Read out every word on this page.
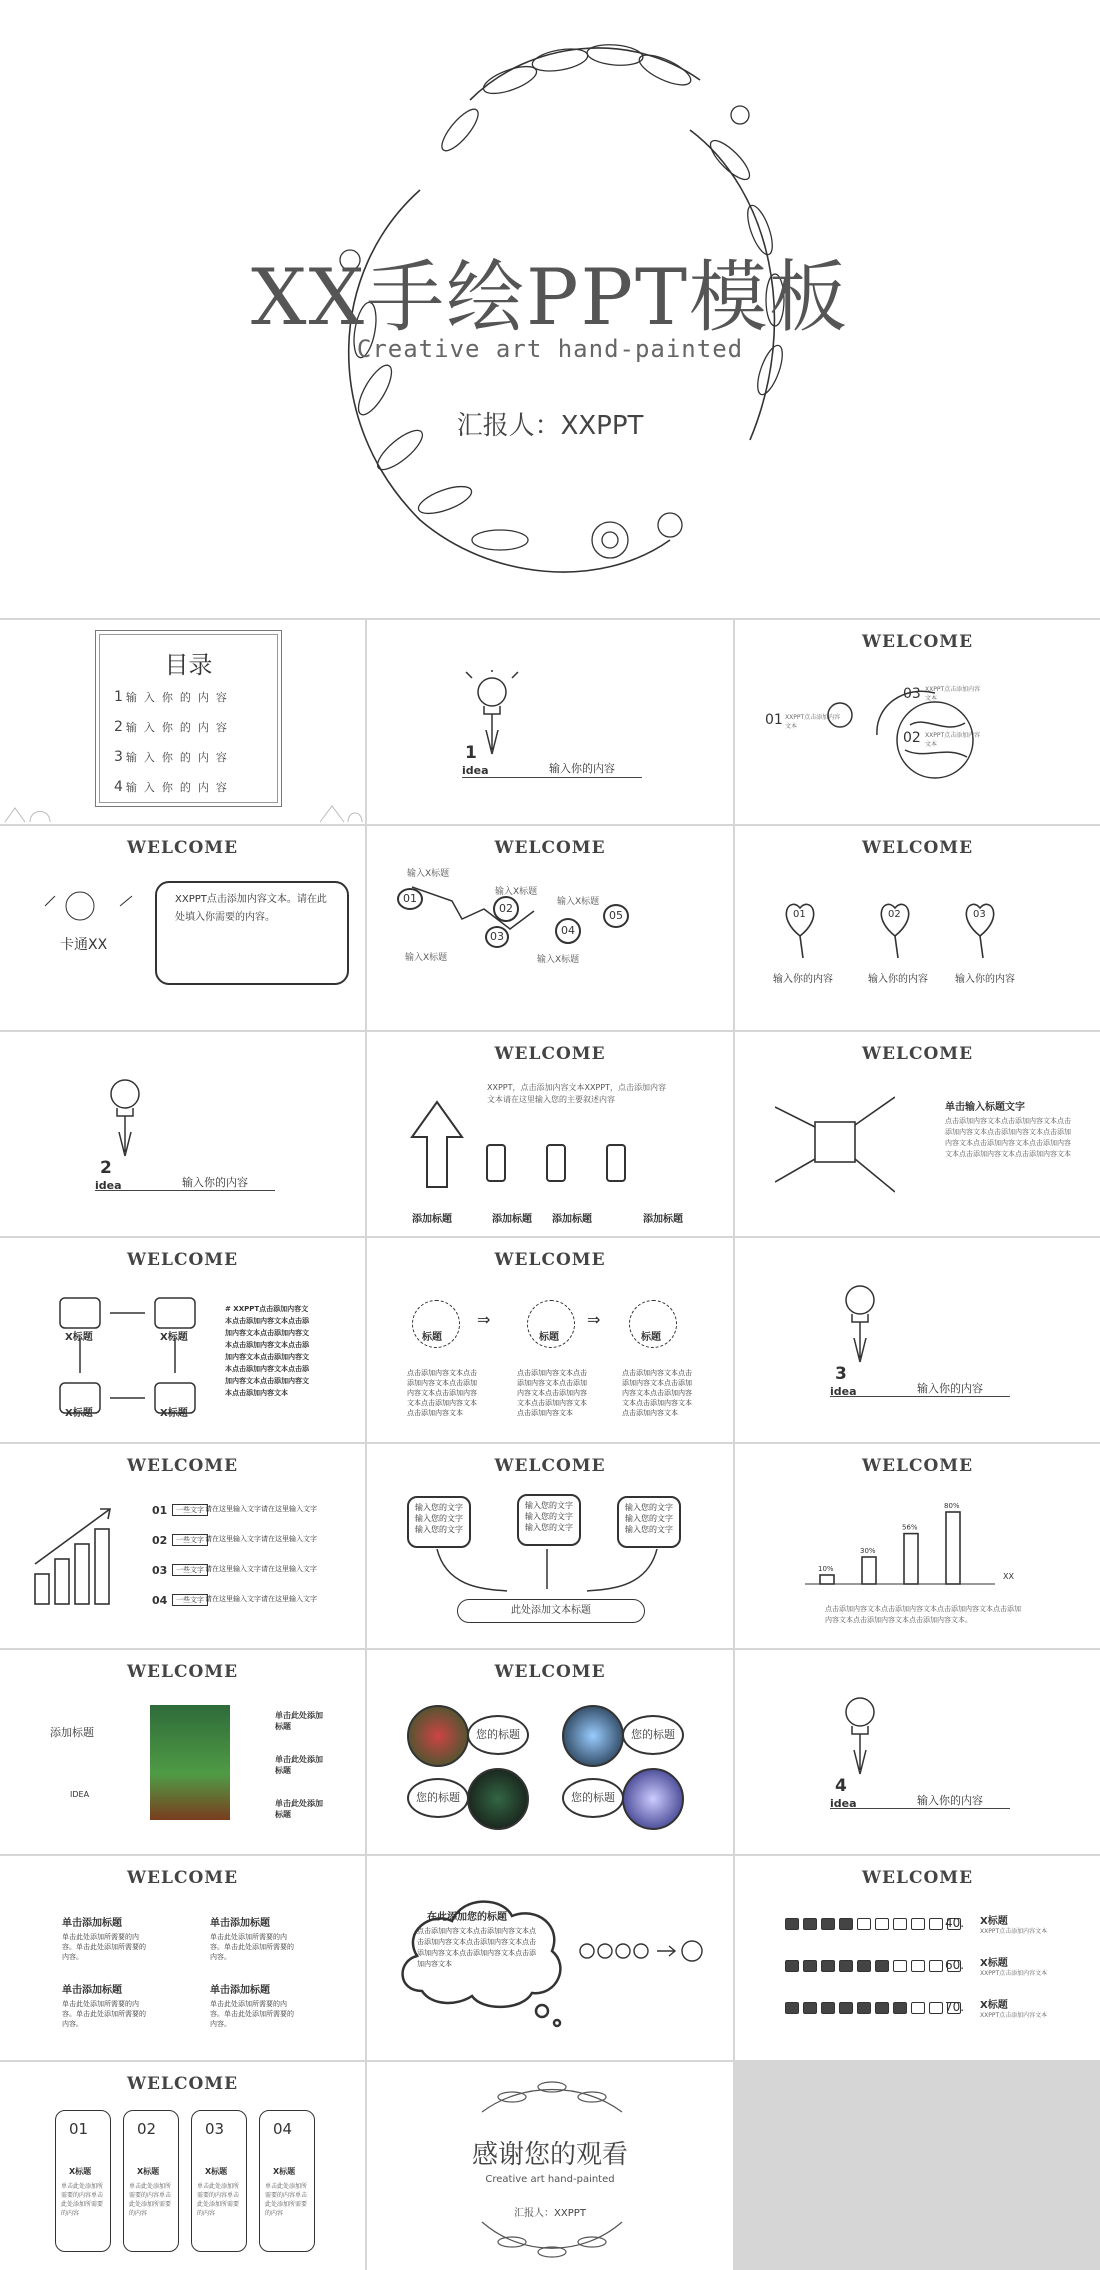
XX手绘PPT模板
Creative art hand-painted
汇报人：XXPPT
目录
1 输入你的内容
2 输入你的内容
3 输入你的内容
4 输入你的内容
1
idea	输入你的内容
WELCOME
03 XXPPT点击添加内容文本
01 XXPPT点击添加内容文本
02 XXPPT点击添加内容文本
WELCOME
卡通XX
XXPPT点击添加内容文本。请在此处填入你需要的内容。
WELCOME
01
02
03	04
05
输入X标题
输入X标题
输入X标题
输入X标题	输入X标题
WELCOME
01	02	03
输入你的内容	输入你的内容	输入你的内容
2
idea	输入你的内容
WELCOME
XXPPT，点击添加内容文本XXPPT，点击添加内容文本请在这里输入您的主要叙述内容
添加标题	添加标题 添加标题	添加标题
WELCOME
单击输入标题文字
点击添加内容文本点击添加内容文本点击添加内容文本点击添加内容文本点击添加内容文本点击添加内容文本点击添加内容文本点击添加内容文本点击添加内容文本
WELCOME
X标题	X标题
X标题	X标题
# XXPPT点击添加内容文本点击添加内容文本点击添加内容文本点击添加内容文本点击添加内容文本点击添加内容文本点击添加内容文本点击添加内容文本点击添加内容文本点击添加内容文本点击添加内容文本
WELCOME
⇒	⇒
标题	标题	标题
点击添加内容文本点击添加内容文本点击添加内容文本点击添加内容文本点击添加内容文本点击添加内容文本
点击添加内容文本点击添加内容文本点击添加内容文本点击添加内容文本点击添加内容文本点击添加内容文本
点击添加内容文本点击添加内容文本点击添加内容文本点击添加内容文本点击添加内容文本点击添加内容文本
3
idea	输入你的内容
WELCOME
01	一些文字 请在这里输入文字请在这里输入文字
02	一些文字 请在这里输入文字请在这里输入文字
03	一些文字 请在这里输入文字请在这里输入文字
04	一些文字 请在这里输入文字请在这里输入文字
WELCOME
输入您的文字
输入您的文字
输入您的文字
输入您的文字
输入您的文字
输入您的文字
输入您的文字
输入您的文字
输入您的文字
此处添加文本标题
WELCOME
10%
30%
56%
80%
XX
点击添加内容文本点击添加内容文本点击添加内容文本点击添加内容文本点击添加内容文本点击添加内容文本。
WELCOME
添加标题
IDEA
单击此处添加标题
单击此处添加标题
单击此处添加标题
WELCOME
您的标题	您的标题
您的标题	您的标题
4
idea	输入你的内容
WELCOME
单击添加标题
单击此处添加所需要的内容。单击此处添加所需要的内容。
单击添加标题
单击此处添加所需要的内容。单击此处添加所需要的内容。
单击添加标题
单击此处添加所需要的内容。单击此处添加所需要的内容。
单击添加标题
单击此处添加所需要的内容。单击此处添加所需要的内容。
在此添加您的标题
点击添加内容文本点击添加内容文本点击添加内容文本点击添加内容文本点击添加内容文本点击添加内容文本点击添加内容文本
WELCOME
40. X标题
XXPPT点击添加内容文本
60. X标题
XXPPT点击添加内容文本
70. X标题
XXPPT点击添加内容文本
WELCOME
01
X标题
单击此处添加所需要的内容单击此处添加所需要的内容
02
X标题
单击此处添加所需要的内容单击此处添加所需要的内容
03
X标题
单击此处添加所需要的内容单击此处添加所需要的内容
04
X标题
单击此处添加所需要的内容单击此处添加所需要的内容
感谢您的观看
Creative art hand-painted
汇报人：XXPPT
